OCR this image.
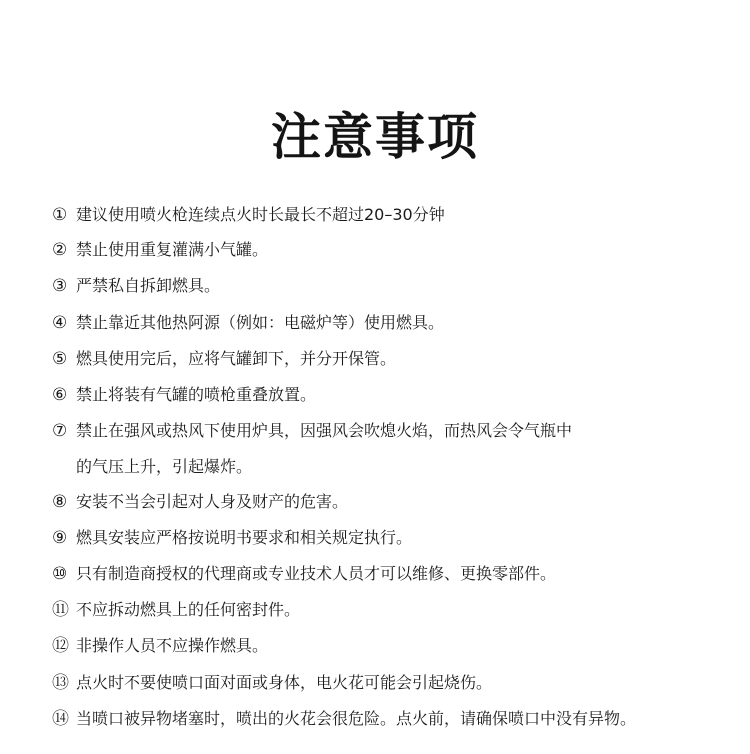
注意事项
① 建议使用喷火枪连续点火时长最长不超过20–30分钟
② 禁止使用重复灌满小气罐。
③ 严禁私自拆卸燃具。
④ 禁止靠近其他热阿源（例如：电磁炉等）使用燃具。
⑤ 燃具使用完后，应将气罐卸下，并分开保管。
⑥ 禁止将装有气罐的喷枪重叠放置。
⑦ 禁止在强风或热风下使用炉具，因强风会吹熄火焰，而热风会令气瓶中
的气压上升，引起爆炸。
⑧ 安装不当会引起对人身及财产的危害。
⑨ 燃具安装应严格按说明书要求和相关规定执行。
⑩ 只有制造商授权的代理商或专业技术人员才可以维修、更换零部件。
⑪ 不应拆动燃具上的任何密封件。
⑫ 非操作人员不应操作燃具。
⑬ 点火时不要使喷口面对面或身体，电火花可能会引起烧伤。
⑭ 当喷口被异物堵塞时，喷出的火花会很危险。点火前，请确保喷口中没有异物。
